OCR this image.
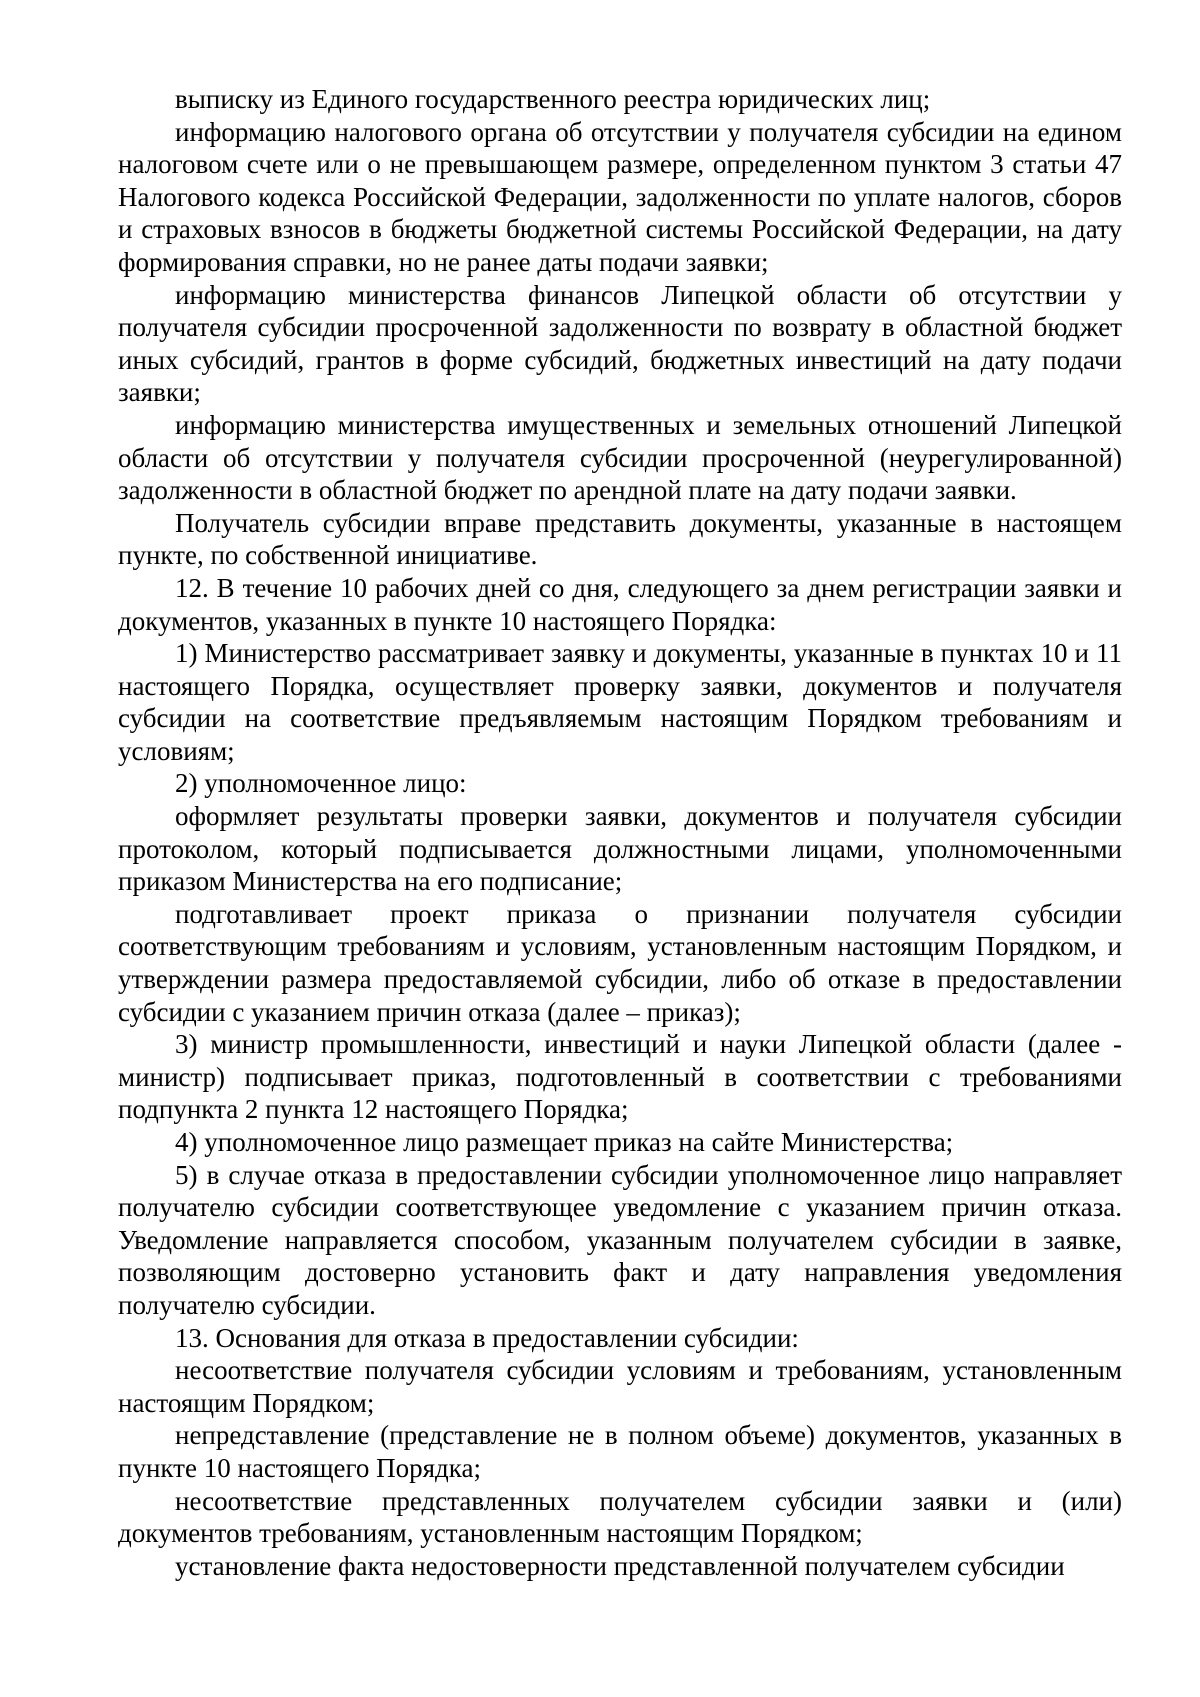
выписку из Единого государственного реестра юридических лиц;

информацию налогового органа об отсутствии у получателя субсидии на едином налоговом счете или о не превышающем размере, определенном пунктом 3 статьи 47 Налогового кодекса Российской Федерации, задолженности по уплате налогов, сборов и страховых взносов в бюджеты бюджетной системы Российской Федерации, на дату формирования справки, но не ранее даты подачи заявки;

информацию министерства финансов Липецкой области об отсутствии у получателя субсидии просроченной задолженности по возврату в областной бюджет иных субсидий, грантов в форме субсидий, бюджетных инвестиций на дату подачи заявки;

информацию министерства имущественных и земельных отношений Липецкой области об отсутствии у получателя субсидии просроченной (неурегулированной) задолженности в областной бюджет по арендной плате на дату подачи заявки.

Получатель субсидии вправе представить документы, указанные в настоящем пункте, по собственной инициативе.

12. В течение 10 рабочих дней со дня, следующего за днем регистрации заявки и документов, указанных в пункте 10 настоящего Порядка:

1) Министерство рассматривает заявку и документы, указанные в пунктах 10 и 11 настоящего Порядка, осуществляет проверку заявки, документов и получателя субсидии на соответствие предъявляемым настоящим Порядком требованиям и условиям;

2) уполномоченное лицо:

оформляет результаты проверки заявки, документов и получателя субсидии протоколом, который подписывается должностными лицами, уполномоченными приказом Министерства на его подписание;

подготавливает проект приказа о признании получателя субсидии соответствующим требованиям и условиям, установленным настоящим Порядком, и утверждении размера предоставляемой субсидии, либо об отказе в предоставлении субсидии с указанием причин отказа (далее – приказ);

3) министр промышленности, инвестиций и науки Липецкой области (далее - министр) подписывает приказ, подготовленный в соответствии с требованиями подпункта 2 пункта 12 настоящего Порядка;

4) уполномоченное лицо размещает приказ на сайте Министерства;

5) в случае отказа в предоставлении субсидии уполномоченное лицо направляет получателю субсидии соответствующее уведомление с указанием причин отказа. Уведомление направляется способом, указанным получателем субсидии в заявке, позволяющим достоверно установить факт и дату направления уведомления получателю субсидии.

13. Основания для отказа в предоставлении субсидии:

несоответствие получателя субсидии условиям и требованиям, установленным настоящим Порядком;

непредставление (представление не в полном объеме) документов, указанных в пункте 10 настоящего Порядка;

несоответствие представленных получателем субсидии заявки и (или) документов требованиям, установленным настоящим Порядком;

установление факта недостоверности представленной получателем субсидии
